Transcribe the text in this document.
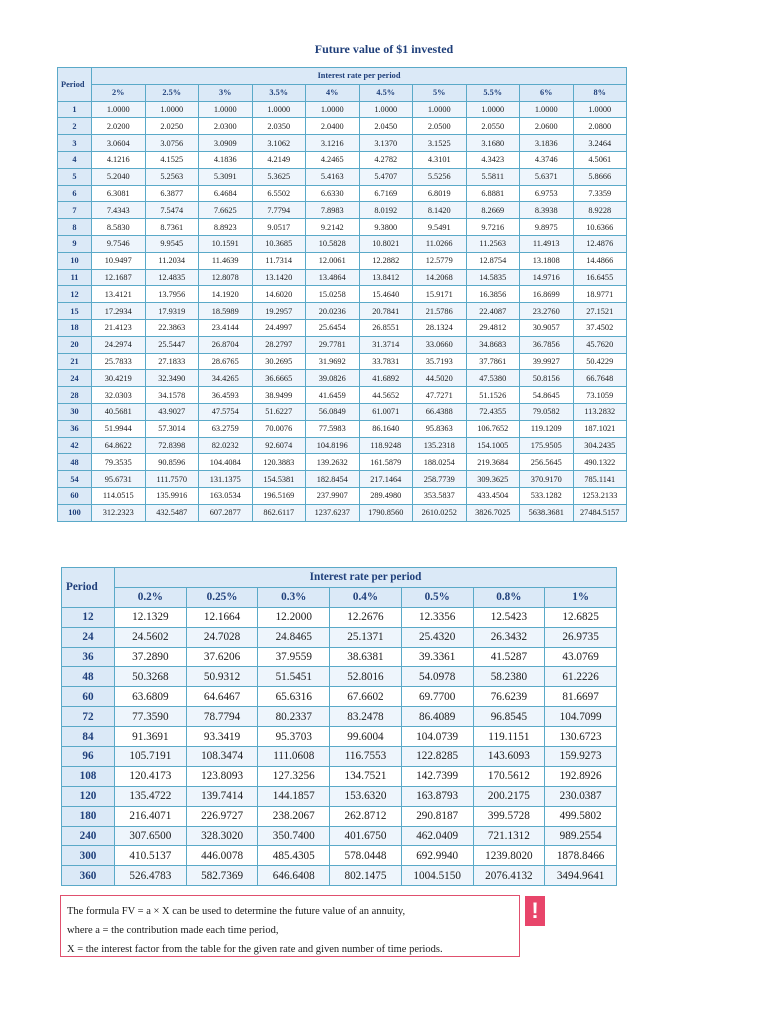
Future value of $1 invested
Period	Interest rate per period									
	2%	2.5%	3%	3.5%	4%	4.5%	5%	5.5%	6%	8%
1	1.0000	1.0000	1.0000	1.0000	1.0000	1.0000	1.0000	1.0000	1.0000	1.0000
2	2.0200	2.0250	2.0300	2.0350	2.0400	2.0450	2.0500	2.0550	2.0600	2.0800
3	3.0604	3.0756	3.0909	3.1062	3.1216	3.1370	3.1525	3.1680	3.1836	3.2464
4	4.1216	4.1525	4.1836	4.2149	4.2465	4.2782	4.3101	4.3423	4.3746	4.5061
5	5.2040	5.2563	5.3091	5.3625	5.4163	5.4707	5.5256	5.5811	5.6371	5.8666
6	6.3081	6.3877	6.4684	6.5502	6.6330	6.7169	6.8019	6.8881	6.9753	7.3359
7	7.4343	7.5474	7.6625	7.7794	7.8983	8.0192	8.1420	8.2669	8.3938	8.9228
8	8.5830	8.7361	8.8923	9.0517	9.2142	9.3800	9.5491	9.7216	9.8975	10.6366
9	9.7546	9.9545	10.1591	10.3685	10.5828	10.8021	11.0266	11.2563	11.4913	12.4876
10	10.9497	11.2034	11.4639	11.7314	12.0061	12.2882	12.5779	12.8754	13.1808	14.4866
11	12.1687	12.4835	12.8078	13.1420	13.4864	13.8412	14.2068	14.5835	14.9716	16.6455
12	13.4121	13.7956	14.1920	14.6020	15.0258	15.4640	15.9171	16.3856	16.8699	18.9771
15	17.2934	17.9319	18.5989	19.2957	20.0236	20.7841	21.5786	22.4087	23.2760	27.1521
18	21.4123	22.3863	23.4144	24.4997	25.6454	26.8551	28.1324	29.4812	30.9057	37.4502
20	24.2974	25.5447	26.8704	28.2797	29.7781	31.3714	33.0660	34.8683	36.7856	45.7620
21	25.7833	27.1833	28.6765	30.2695	31.9692	33.7831	35.7193	37.7861	39.9927	50.4229
24	30.4219	32.3490	34.4265	36.6665	39.0826	41.6892	44.5020	47.5380	50.8156	66.7648
28	32.0303	34.1578	36.4593	38.9499	41.6459	44.5652	47.7271	51.1526	54.8645	73.1059
30	40.5681	43.9027	47.5754	51.6227	56.0849	61.0071	66.4388	72.4355	79.0582	113.2832
36	51.9944	57.3014	63.2759	70.0076	77.5983	86.1640	95.8363	106.7652	119.1209	187.1021
42	64.8622	72.8398	82.0232	92.6074	104.8196	118.9248	135.2318	154.1005	175.9505	304.2435
48	79.3535	90.8596	104.4084	120.3883	139.2632	161.5879	188.0254	219.3684	256.5645	490.1322
54	95.6731	111.7570	131.1375	154.5381	182.8454	217.1464	258.7739	309.3625	370.9170	785.1141
60	114.0515	135.9916	163.0534	196.5169	237.9907	289.4980	353.5837	433.4504	533.1282	1253.2133
100	312.2323	432.5487	607.2877	862.6117	1237.6237	1790.8560	2610.0252	3826.7025	5638.3681	27484.5157
Period	Interest rate per period						
	0.2%	0.25%	0.3%	0.4%	0.5%	0.8%	1%
12	12.1329	12.1664	12.2000	12.2676	12.3356	12.5423	12.6825
24	24.5602	24.7028	24.8465	25.1371	25.4320	26.3432	26.9735
36	37.2890	37.6206	37.9559	38.6381	39.3361	41.5287	43.0769
48	50.3268	50.9312	51.5451	52.8016	54.0978	58.2380	61.2226
60	63.6809	64.6467	65.6316	67.6602	69.7700	76.6239	81.6697
72	77.3590	78.7794	80.2337	83.2478	86.4089	96.8545	104.7099
84	91.3691	93.3419	95.3703	99.6004	104.0739	119.1151	130.6723
96	105.7191	108.3474	111.0608	116.7553	122.8285	143.6093	159.9273
108	120.4173	123.8093	127.3256	134.7521	142.7399	170.5612	192.8926
120	135.4722	139.7414	144.1857	153.6320	163.8793	200.2175	230.0387
180	216.4071	226.9727	238.2067	262.8712	290.8187	399.5728	499.5802
240	307.6500	328.3020	350.7400	401.6750	462.0409	721.1312	989.2554
300	410.5137	446.0078	485.4305	578.0448	692.9940	1239.8020	1878.8466
360	526.4783	582.7369	646.6408	802.1475	1004.5150	2076.4132	3494.9641
The formula FV = a × X can be used to determine the future value of an annuity,
where a = the contribution made each time period,
X = the interest factor from the table for the given rate and given number of time periods.
!
